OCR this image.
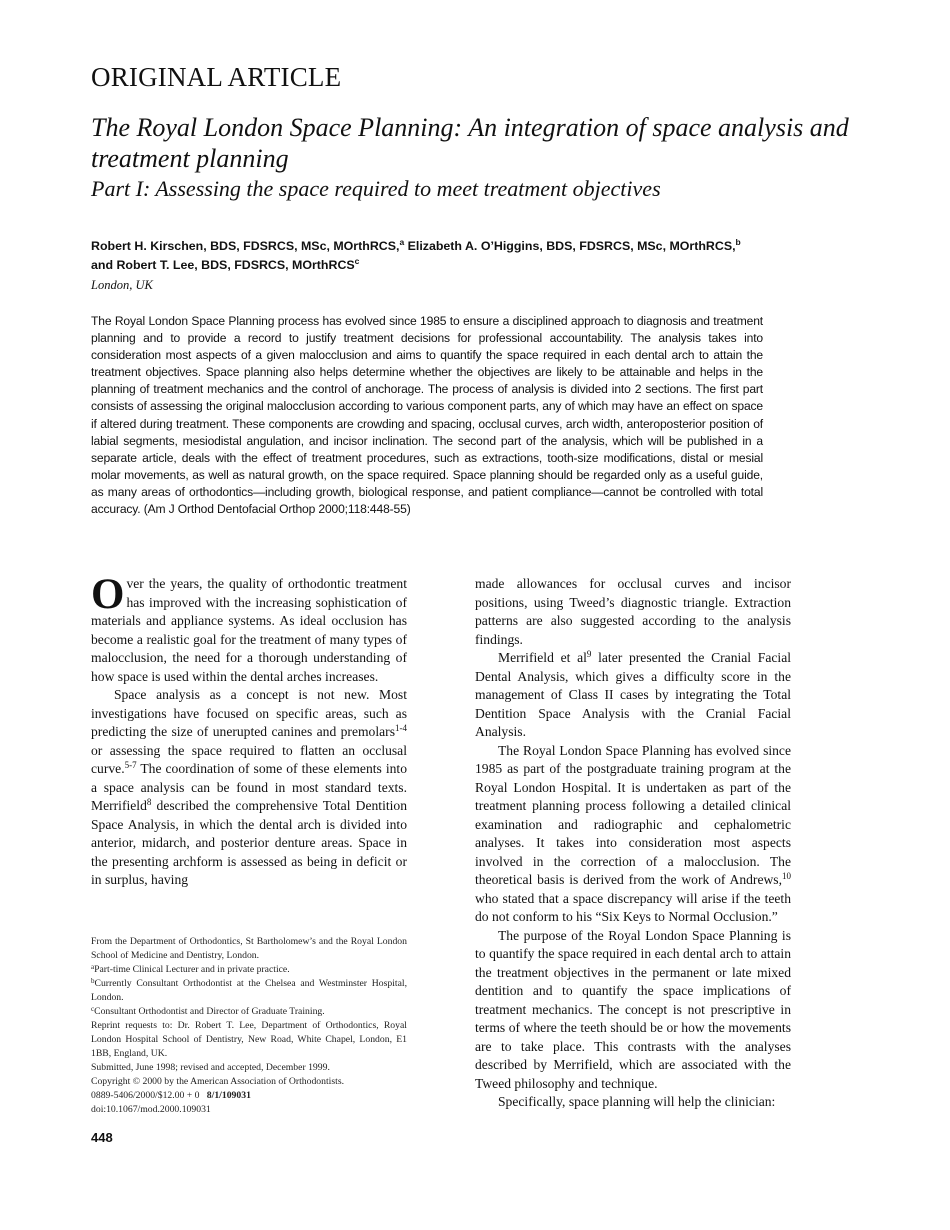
ORIGINAL ARTICLE
The Royal London Space Planning: An integration of space analysis and treatment planning
Part I: Assessing the space required to meet treatment objectives
Robert H. Kirschen, BDS, FDSRCS, MSc, MOrthRCS,$^a$ Elizabeth A. O’Higgins, BDS, FDSRCS, MSc, MOrthRCS,$^b$
and Robert T. Lee, BDS, FDSRCS, MOrthRCS$^c$
London, UK
The Royal London Space Planning process has evolved since 1985 to ensure a disciplined approach to diagnosis and treatment planning and to provide a record to justify treatment decisions for professional accountability. The analysis takes into consideration most aspects of a given malocclusion and aims to quantify the space required in each dental arch to attain the treatment objectives. Space planning also helps determine whether the objectives are likely to be attainable and helps in the planning of treatment mechanics and the control of anchorage. The process of analysis is divided into 2 sections. The first part consists of assessing the original malocclusion according to various component parts, any of which may have an effect on space if altered during treatment. These components are crowding and spacing, occlusal curves, arch width, anteroposterior position of labial segments, mesiodistal angulation, and incisor inclination. The second part of the analysis, which will be published in a separate article, deals with the effect of treatment procedures, such as extractions, tooth-size modifications, distal or mesial molar movements, as well as natural growth, on the space required. Space planning should be regarded only as a useful guide, as many areas of orthodontics—including growth, biological response, and patient compliance—cannot be controlled with total accuracy. (Am J Orthod Dentofacial Orthop 2000;118:448-55)

Over the years, the quality of orthodontic treatment has improved with the increasing sophistication of materials and appliance systems. As ideal occlusion has become a realistic goal for the treatment of many types of malocclusion, the need for a thorough understanding of how space is used within the dental arches increases.

Space analysis as a concept is not new. Most investigations have focused on specific areas, such as predicting the size of unerupted canines and premolars$^{1-4}$ or assessing the space required to flatten an occlusal curve.$^{5-7}$ The coordination of some of these elements into a space analysis can be found in most standard texts. Merrifield$^8$ described the comprehensive Total Dentition Space Analysis, in which the dental arch is divided into anterior, midarch, and posterior denture areas. Space in the presenting archform is assessed as being in deficit or in surplus, having

made allowances for occlusal curves and incisor positions, using Tweed’s diagnostic triangle. Extraction patterns are also suggested according to the analysis findings.

Merrifield et $al^9$ later presented the Cranial Facial Dental Analysis, which gives a difficulty score in the management of Class II cases by integrating the Total Dentition Space Analysis with the Cranial Facial Analysis.

The Royal London Space Planning has evolved since 1985 as part of the postgraduate training program at the Royal London Hospital. It is undertaken as part of the treatment planning process following a detailed clinical examination and radiographic and cephalometric analyses. It takes into consideration most aspects involved in the correction of a malocclusion. The theoretical basis is derived from the work of Andrews,$^{10}$ who stated that a space discrepancy will arise if the teeth do not conform to his “Six Keys to Normal Occlusion.”

The purpose of the Royal London Space Planning is to quantify the space required in each dental arch to attain the treatment objectives in the permanent or late mixed dentition and to quantify the space implications of treatment mechanics. The concept is not prescriptive in terms of where the teeth should be or how the movements are to take place. This contrasts with the analyses described by Merrifield, which are associated with the Tweed philosophy and technique.

Specifically, space planning will help the clinician:

From the Department of Orthodontics, St Bartholomew’s and the Royal London School of Medicine and Dentistry, London.
$^a$Part-time Clinical Lecturer and in private practice.
$^b$Currently Consultant Orthodontist at the Chelsea and Westminster Hospital, London.
$^c$Consultant Orthodontist and Director of Graduate Training.
Reprint requests to: Dr. Robert T. Lee, Department of Orthodontics, Royal London Hospital School of Dentistry, New Road, White Chapel, London, E1 1BB, England, UK.
Submitted, June 1998; revised and accepted, December 1999.
Copyright © 2000 by the American Association of Orthodontists.
0889-5406/2000/$12.00 + 0 8/1/109031
doi:10.1067/mod.2000.109031
448
